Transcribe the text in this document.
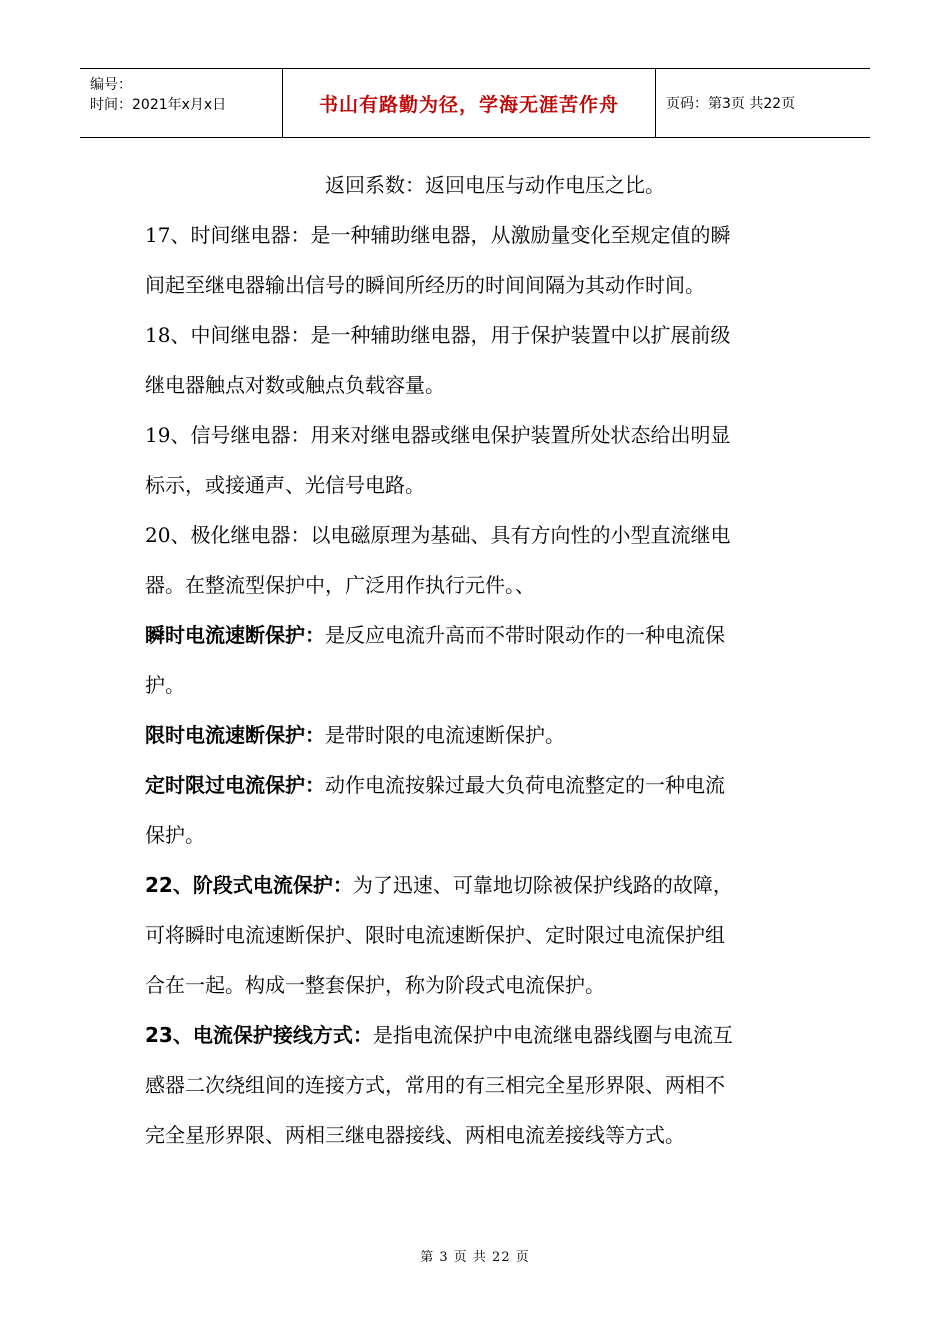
编号：
时间：2021年x月x日	书山有路勤为径，学海无涯苦作舟	页码：第3页 共22页

返回系数：返回电压与动作电压之比。

17、时间继电器：是一种辅助继电器，从激励量变化至规定值的瞬

间起至继电器输出信号的瞬间所经历的时间间隔为其动作时间。

18、中间继电器：是一种辅助继电器，用于保护装置中以扩展前级

继电器触点对数或触点负载容量。

19、信号继电器：用来对继电器或继电保护装置所处状态给出明显

标示，或接通声、光信号电路。

20、极化继电器：以电磁原理为基础、具有方向性的小型直流继电

器。在整流型保护中，广泛用作执行元件。、

瞬时电流速断保护：是反应电流升高而不带时限动作的一种电流保

护。

限时电流速断保护：是带时限的电流速断保护。

定时限过电流保护：动作电流按躲过最大负荷电流整定的一种电流

保护。

22、阶段式电流保护：为了迅速、可靠地切除被保护线路的故障，

可将瞬时电流速断保护、限时电流速断保护、定时限过电流保护组

合在一起。构成一整套保护，称为阶段式电流保护。

23、电流保护接线方式：是指电流保护中电流继电器线圈与电流互

感器二次绕组间的连接方式，常用的有三相完全星形界限、两相不

完全星形界限、两相三继电器接线、两相电流差接线等方式。

第 3 页 共 22 页
